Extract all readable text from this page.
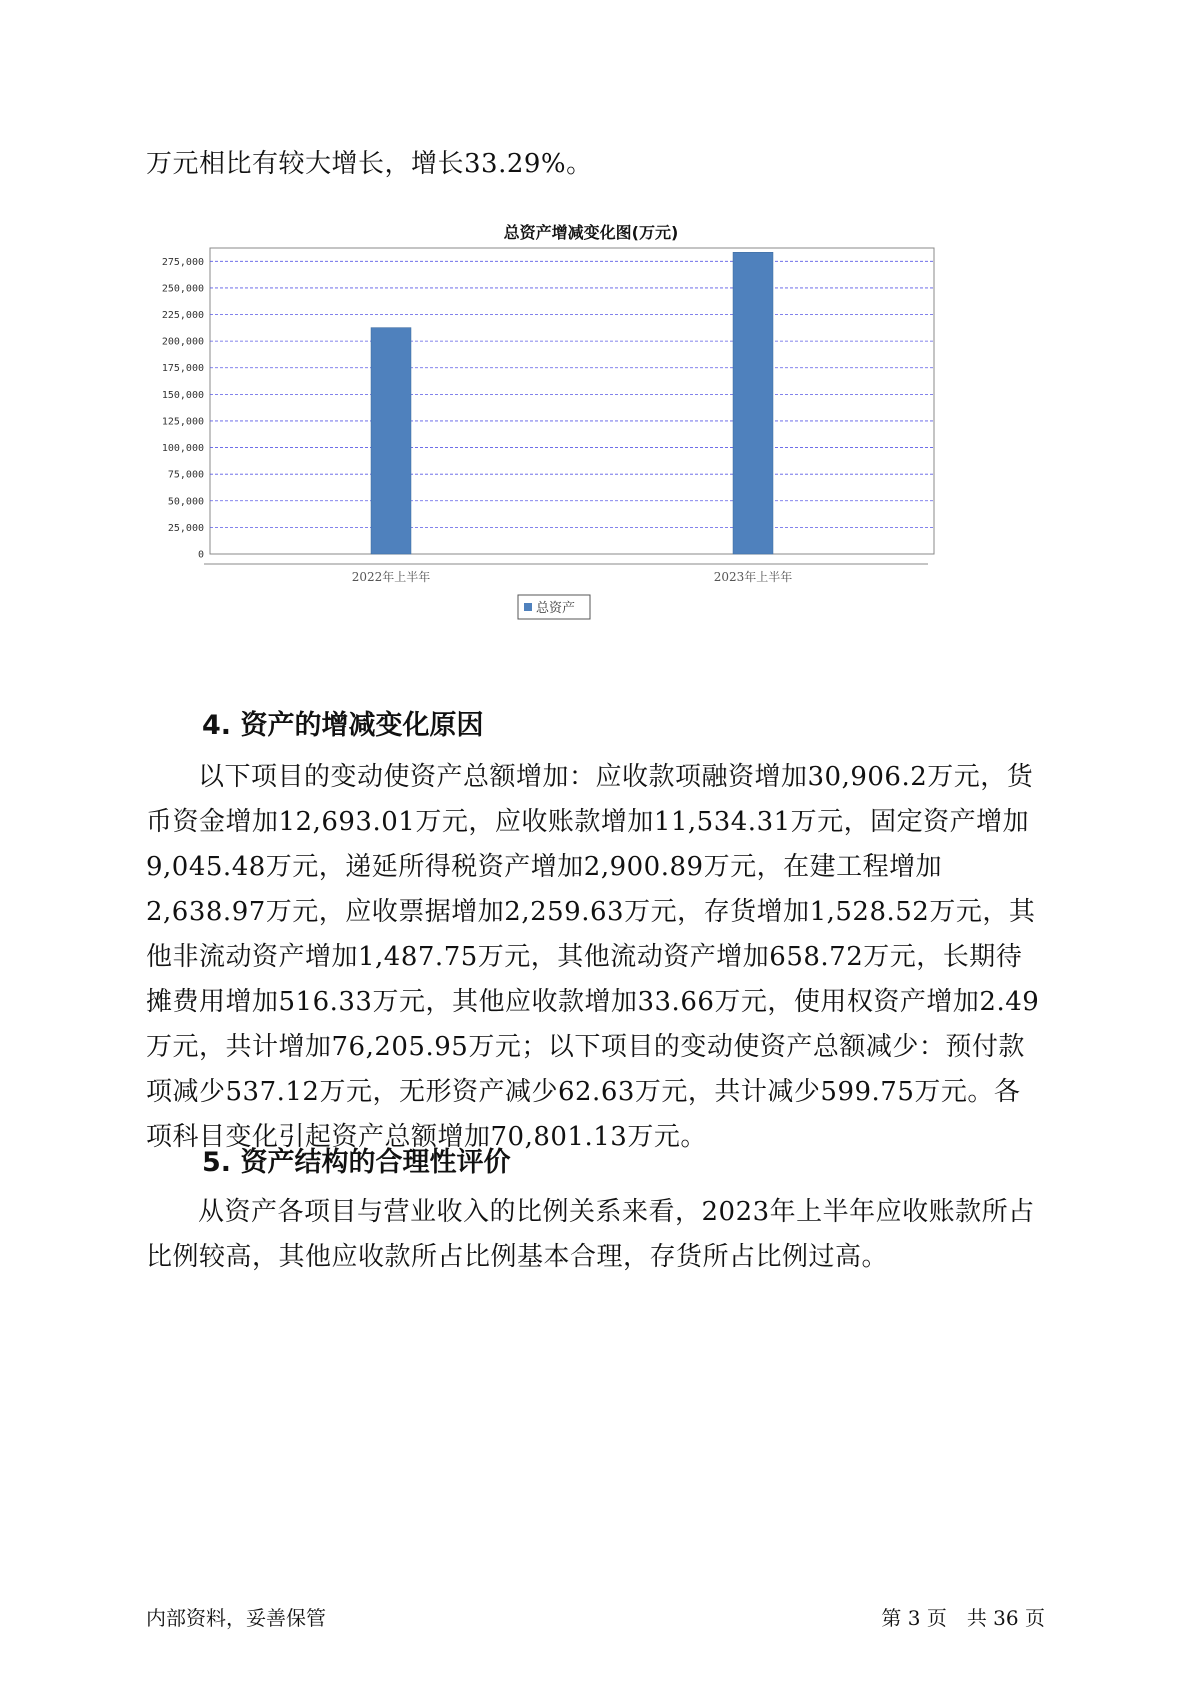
万元相比有较大增长，增长33.29%。

总资产增减变化图(万元)
0
25,000
50,000
75,000
100,000
125,000
150,000
175,000
200,000
225,000
250,000
275,000
2022年上半年	2023年上半年
总资产
4. 资产的增减变化原因

以下项目的变动使资产总额增加：应收款项融资增加30,906.2万元，货币资金增加12,693.01万元，应收账款增加11,534.31万元，固定资产增加9,045.48万元，递延所得税资产增加2,900.89万元，在建工程增加2,638.97万元，应收票据增加2,259.63万元，存货增加1,528.52万元，其他非流动资产增加1,487.75万元，其他流动资产增加658.72万元，长期待摊费用增加516.33万元，其他应收款增加33.66万元，使用权资产增加2.49万元，共计增加76,205.95万元；以下项目的变动使资产总额减少：预付款项减少537.12万元，无形资产减少62.63万元，共计减少599.75万元。各项科目变化引起资产总额增加70,801.13万元。

5. 资产结构的合理性评价

从资产各项目与营业收入的比例关系来看，2023年上半年应收账款所占比例较高，其他应收款所占比例基本合理，存货所占比例过高。

内部资料，妥善保管	第 3 页　共 36 页
